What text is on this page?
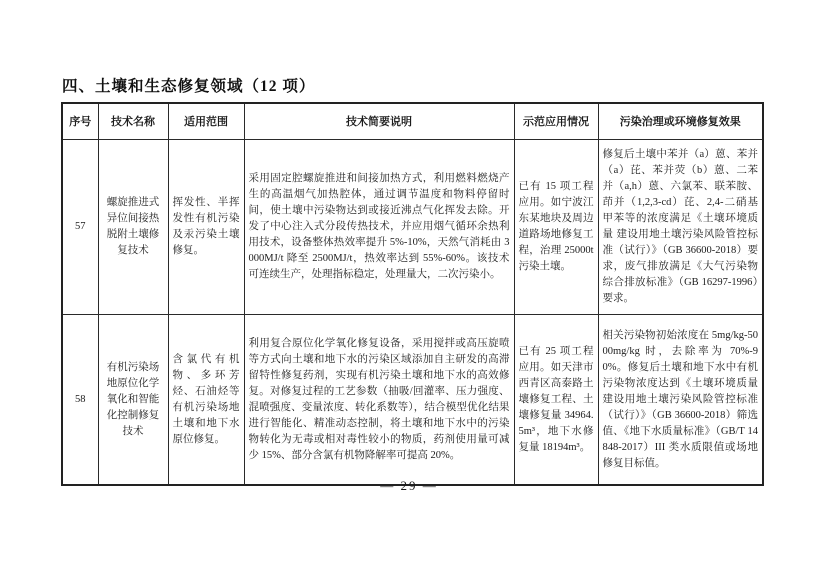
四、土壤和生态修复领域（12 项）
序号	技术名称	适用范围	技术简要说明	示范应用情况	污染治理或环境修复效果
57	螺旋推进式异位间接热脱附土壤修复技术	挥发性、半挥发性有机污染及汞污染土壤修复。	采用固定腔螺旋推进和间接加热方式，利用燃料燃烧产生的高温烟气加热腔体，通过调节温度和物料停留时间，使土壤中污染物达到或接近沸点气化挥发去除。开发了中心注入式分段传热技术，并应用烟气循环余热利用技术，设备整体热效率提升 5%-10%，天然气消耗由 3000MJ/t 降至 2500MJ/t，热效率达到 55%-60%。该技术可连续生产，处理指标稳定，处理量大，二次污染小。	已有 15 项工程应用。如宁波江东某地块及周边道路场地修复工程，治理 25000t 污染土壤。	修复后土壤中苯并（a）蒽、苯并（a）芘、苯并荧（b）蒽、二苯并（a,h）蒽、六氯苯、联苯胺、茚并（1,2,3-cd）芘、2,4-二硝基甲苯等的浓度满足《土壤环境质量 建设用地土壤污染风险管控标准（试行）》（GB 36600-2018）要求，废气排放满足《大气污染物综合排放标准》（GB 16297-1996）要求。
58	有机污染场地原位化学氧化和智能化控制修复技术	含氯代有机物、多环芳烃、石油烃等有机污染场地土壤和地下水原位修复。	利用复合原位化学氧化修复设备，采用搅拌或高压旋喷等方式向土壤和地下水的污染区域添加自主研发的高滞留特性修复药剂，实现有机污染土壤和地下水的高效修复。对修复过程的工艺参数（抽吸/回灌率、压力强度、混喷强度、变量浓度、转化系数等），结合模型优化结果进行智能化、精准动态控制，将土壤和地下水中的污染物转化为无毒或相对毒性较小的物质，药剂使用量可减少 15%、部分含氯有机物降解率可提高 20%。	已有 25 项工程应用。如天津市西青区高泰路土壤修复工程、土壤修复量 34964.5m³，地下水修复量 18194m³。	相关污染物初始浓度在 5mg/kg-5000mg/kg 时，去除率为 70%-90%。修复后土壤和地下水中有机污染物浓度达到《土壤环境质量 建设用地土壤污染风险管控标准（试行）》（GB 36600-2018）筛选值、《地下水质量标准》（GB/T 14848-2017）III 类水质限值或场地修复目标值。
— 29 —
